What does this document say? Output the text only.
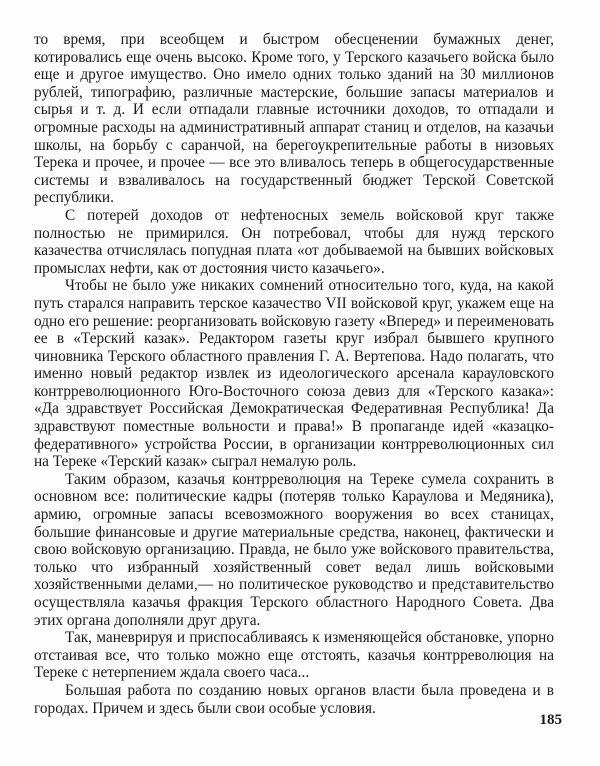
то время, при всеобщем и быстром обесценении бумажных денег, котировались еще очень высоко. Кроме того, у Терского казачьего войска было еще и другое имущество. Оно имело одних только зданий на 30 миллионов рублей, типографию, различные мастерские, большие запасы материалов и сырья и т. д. И если отпадали главные источники доходов, то отпадали и огромные расходы на административный аппарат станиц и отделов, на казачьи школы, на борьбу с саранчой, на берегоукрепительные работы в низовьях Терека и прочее, и прочее — все это вливалось теперь в общегосударственные системы и взваливалось на государственный бюджет Терской Советской республики.

С потерей доходов от нефтеносных земель войсковой круг также полностью не примирился. Он потребовал, чтобы для нужд терского казачества отчислялась попудная плата «от добываемой на бывших войсковых промыслах нефти, как от достояния чисто казачьего».

Чтобы не было уже никаких сомнений относительно того, куда, на какой путь старался направить терское казачество VII войсковой круг, укажем еще на одно его решение: реорганизовать войсковую газету «Вперед» и переименовать ее в «Терский казак». Редактором газеты круг избрал бывшего крупного чиновника Терского областного правления Г. А. Вертепова. Надо полагать, что именно новый редактор извлек из идеологического арсенала карауловского контрреволюционного Юго-Восточного союза девиз для «Терского казака»: «Да здравствует Российская Демократическая Федеративная Республика! Да здравствуют поместные вольности и права!» В пропаганде идей «казацко-федеративного» устройства России, в организации контрреволюционных сил на Тереке «Терский казак» сыграл немалую роль.

Таким образом, казачья контрреволюция на Тереке сумела сохранить в основном все: политические кадры (потеряв только Караулова и Медяника), армию, огромные запасы всевозможного вооружения во всех станицах, большие финансовые и другие материальные средства, наконец, фактически и свою войсковую организацию. Правда, не было уже войскового правительства, только что избранный хозяйственный совет ведал лишь войсковыми хозяйственными делами,— но политическое руководство и представительство осуществляла казачья фракция Терского областного Народного Совета. Два этих органа дополняли друг друга.

Так, маневрируя и приспосабливаясь к изменяющейся обстановке, упорно отстаивая все, что только можно еще отстоять, казачья контрреволюция на Тереке с нетерпением ждала своего часа...

Большая работа по созданию новых органов власти была проведена и в городах. Причем и здесь были свои особые условия.

185
